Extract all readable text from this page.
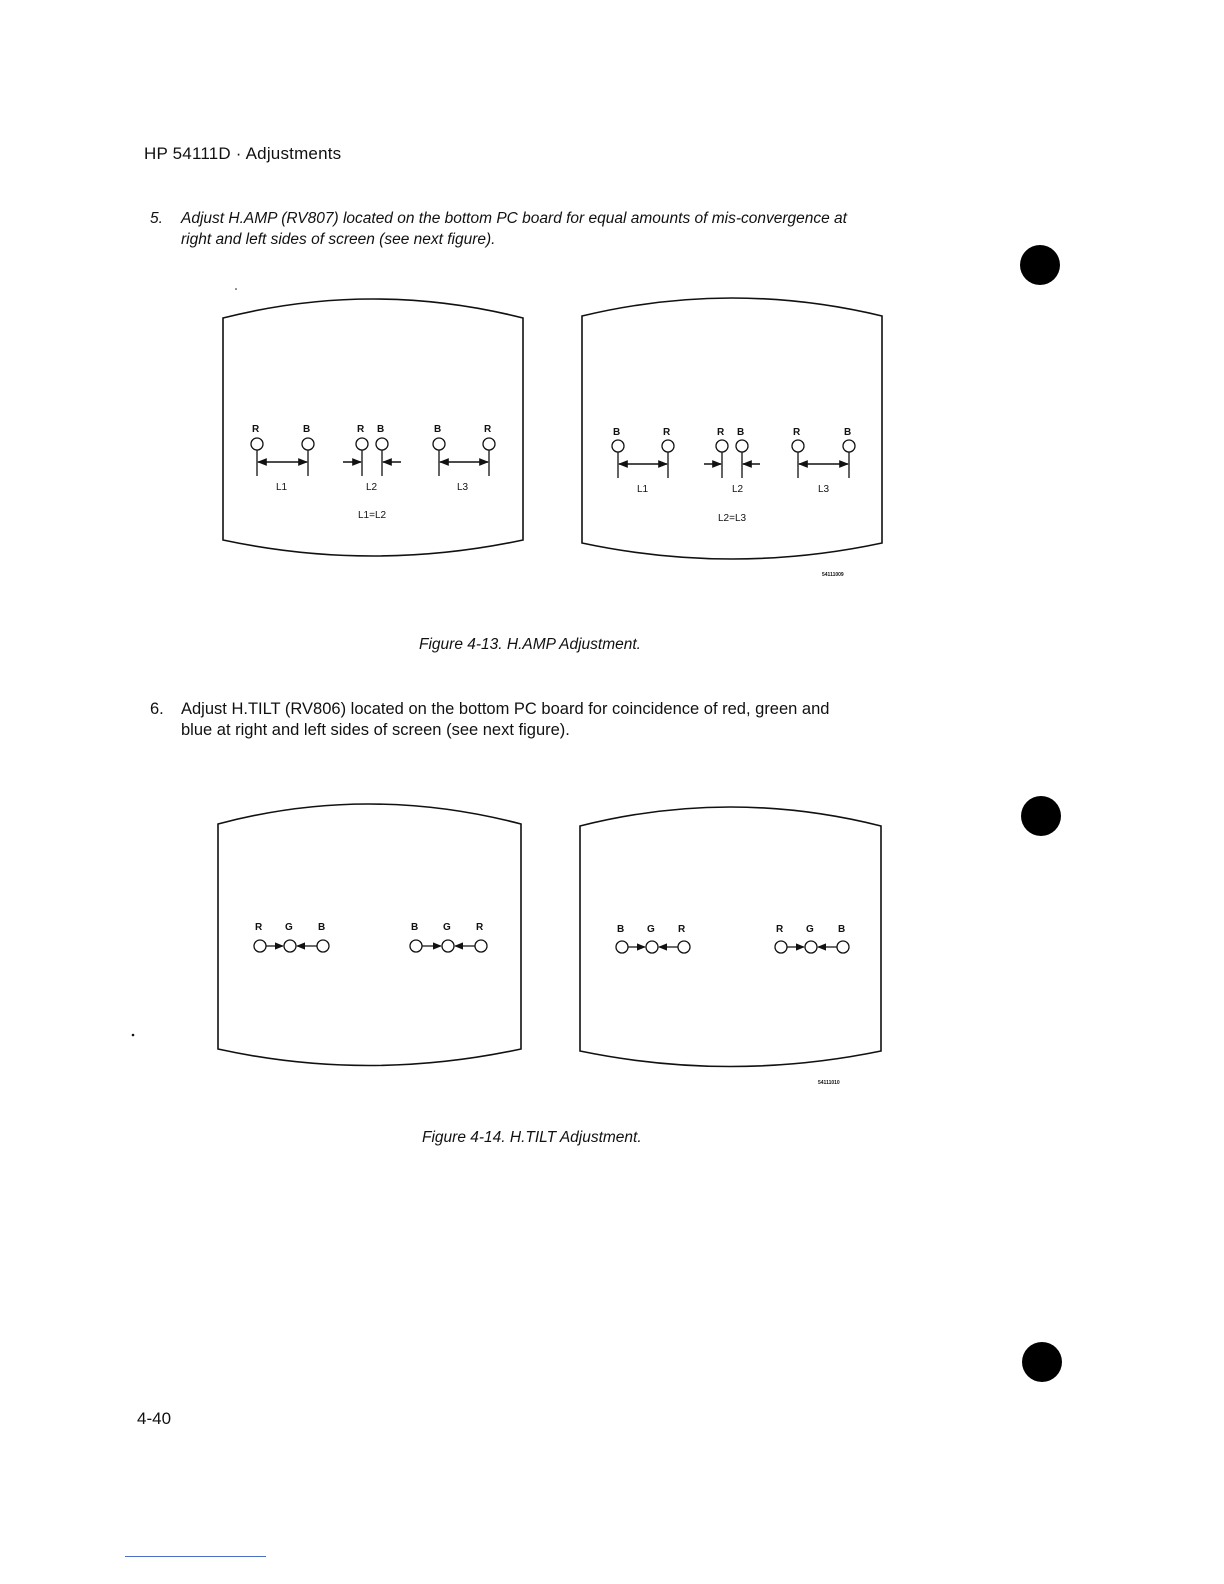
HP 54111D · Adjustments
5. Adjust H.AMP (RV807) located on the bottom PC board for equal amounts of mis-convergence at
right and left sides of screen (see next figure).
R	B	R B	B	R
L1	L2	L3
L1=L2
B	R	R B	R	B
L1	L2	L3
L2=L3
54111009
R G	B	B G	R	B G R	R G B
54111010
Figure 4-13. H.AMP Adjustment.
6. Adjust H.TILT (RV806) located on the bottom PC board for coincidence of red, green and
blue at right and left sides of screen (see next figure).
Figure 4-14. H.TILT Adjustment.
4-40
